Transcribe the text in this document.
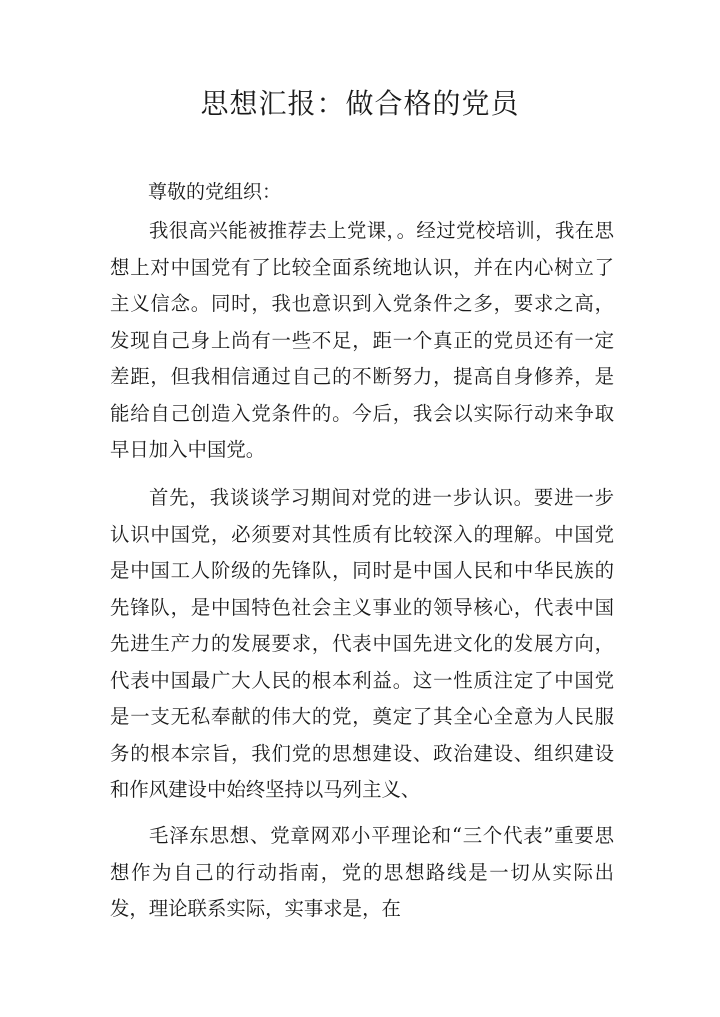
思想汇报：做合格的党员

尊敬的党组织：

我很高兴能被推荐去上党课，。经过党校培训，我在思想上对中国党有了比较全面系统地认识，并在内心树立了主义信念。同时，我也意识到入党条件之多，要求之高，发现自己身上尚有一些不足，距一个真正的党员还有一定差距，但我相信通过自己的不断努力，提高自身修养，是能给自己创造入党条件的。今后，我会以实际行动来争取早日加入中国党。

首先，我谈谈学习期间对党的进一步认识。要进一步认识中国党，必须要对其性质有比较深入的理解。中国党是中国工人阶级的先锋队，同时是中国人民和中华民族的先锋队，是中国特色社会主义事业的领导核心，代表中国先进生产力的发展要求，代表中国先进文化的发展方向，代表中国最广大人民的根本利益。这一性质注定了中国党是一支无私奉献的伟大的党，奠定了其全心全意为人民服务的根本宗旨，我们党的思想建设、政治建设、组织建设和作风建设中始终坚持以马列主义、

毛泽东思想、党章网邓小平理论和“三个代表”重要思想作为自己的行动指南，党的思想路线是一切从实际出发，理论联系实际，实事求是，在
